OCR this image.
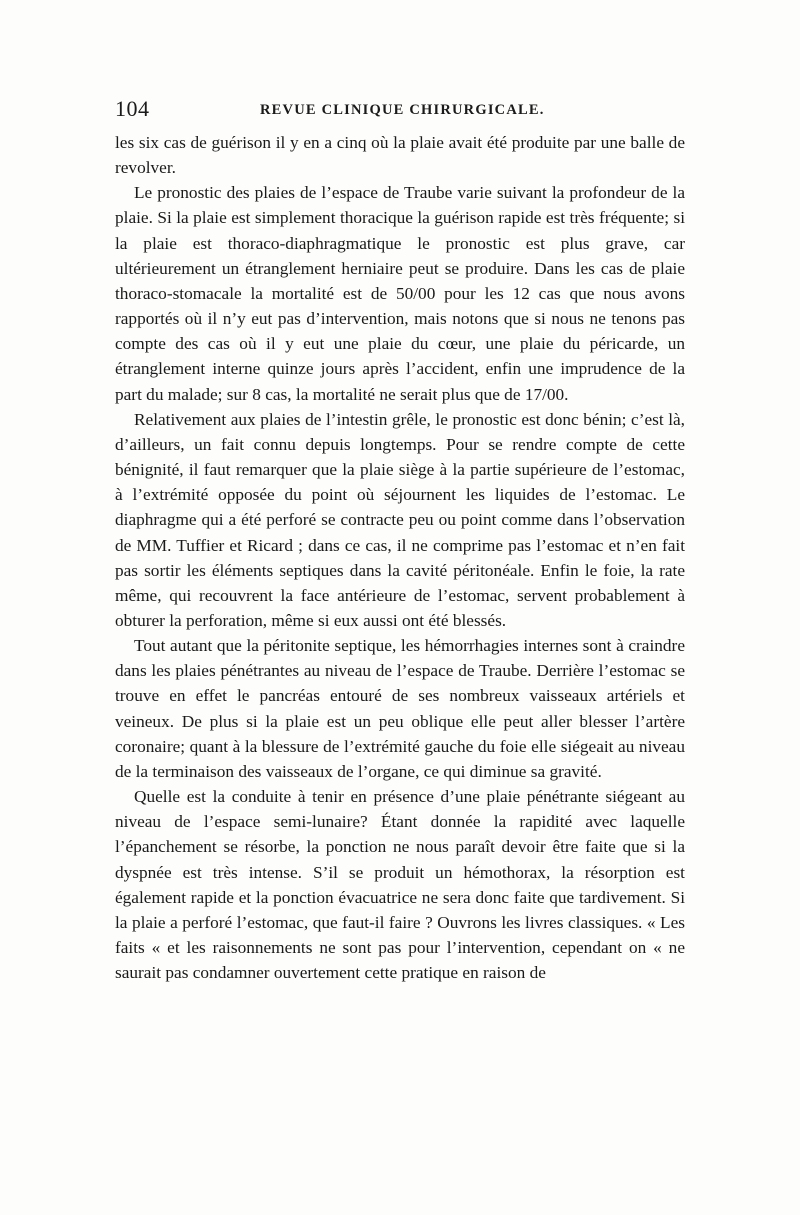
104	REVUE CLINIQUE CHIRURGICALE.

les six cas de guérison il y en a cinq où la plaie avait été produite par une balle de revolver.

Le pronostic des plaies de l’espace de Traube varie suivant la profondeur de la plaie. Si la plaie est simplement thoracique la guérison rapide est très fréquente; si la plaie est thoraco-diaphragmatique le pronostic est plus grave, car ultérieurement un étranglement herniaire peut se produire. Dans les cas de plaie thoraco-stomacale la mortalité est de 50/00 pour les 12 cas que nous avons rapportés où il n’y eut pas d’intervention, mais notons que si nous ne tenons pas compte des cas où il y eut une plaie du cœur, une plaie du péricarde, un étranglement interne quinze jours après l’accident, enfin une imprudence de la part du malade; sur 8 cas, la mortalité ne serait plus que de 17/00.

Relativement aux plaies de l’intestin grêle, le pronostic est donc bénin; c’est là, d’ailleurs, un fait connu depuis longtemps. Pour se rendre compte de cette bénignité, il faut remarquer que la plaie siège à la partie supérieure de l’estomac, à l’extrémité opposée du point où séjournent les liquides de l’estomac. Le diaphragme qui a été perforé se contracte peu ou point comme dans l’observation de MM. Tuffier et Ricard ; dans ce cas, il ne comprime pas l’estomac et n’en fait pas sortir les éléments septiques dans la cavité péritonéale. Enfin le foie, la rate même, qui recouvrent la face antérieure de l’estomac, servent probablement à obturer la perforation, même si eux aussi ont été blessés.

Tout autant que la péritonite septique, les hémorrhagies internes sont à craindre dans les plaies pénétrantes au niveau de l’espace de Traube. Derrière l’estomac se trouve en effet le pancréas entouré de ses nombreux vaisseaux artériels et veineux. De plus si la plaie est un peu oblique elle peut aller blesser l’artère coronaire; quant à la blessure de l’extrémité gauche du foie elle siégeait au niveau de la terminaison des vaisseaux de l’organe, ce qui diminue sa gravité.

Quelle est la conduite à tenir en présence d’une plaie pénétrante siégeant au niveau de l’espace semi-lunaire? Étant donnée la rapidité avec laquelle l’épanchement se résorbe, la ponction ne nous paraît devoir être faite que si la dyspnée est très intense. S’il se produit un hémothorax, la résorption est également rapide et la ponction évacuatrice ne sera donc faite que tardivement. Si la plaie a perforé l’estomac, que faut-il faire ? Ouvrons les livres classiques. « Les faits « et les raisonnements ne sont pas pour l’intervention, cependant on « ne saurait pas condamner ouvertement cette pratique en raison de
